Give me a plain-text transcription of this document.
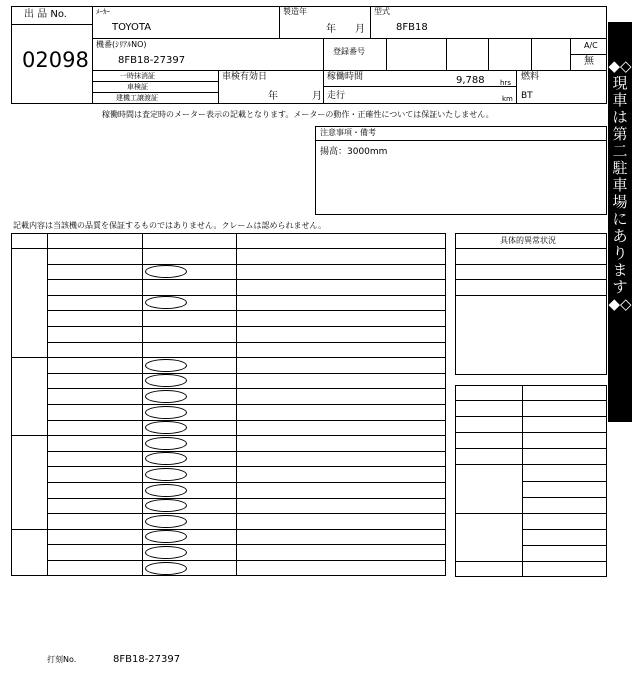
出 品 No.
02098
ﾒｰｶｰ
TOYOTA
製造年
年 月
型式
8FB18
機番(ｼﾘｱﾙNO)
8FB18-27397
登録番号
A/C
無
一時抹消証
車検証
建機工譲渡証
車検有効日
年	月
稼働時間	9,788 hrs
走行	km
燃料
BT
稼働時間は査定時のメーター表示の記載となります。メーターの動作・正確性については保証いたしません。
注意事項・備考
揚高：3000mm
記載内容は当該機の品質を保証するものではありません。クレームは認められません。
◆◇現車は第二駐車場にあります◆◇
具体的異常状況
打刻No.	8FB18-27397
